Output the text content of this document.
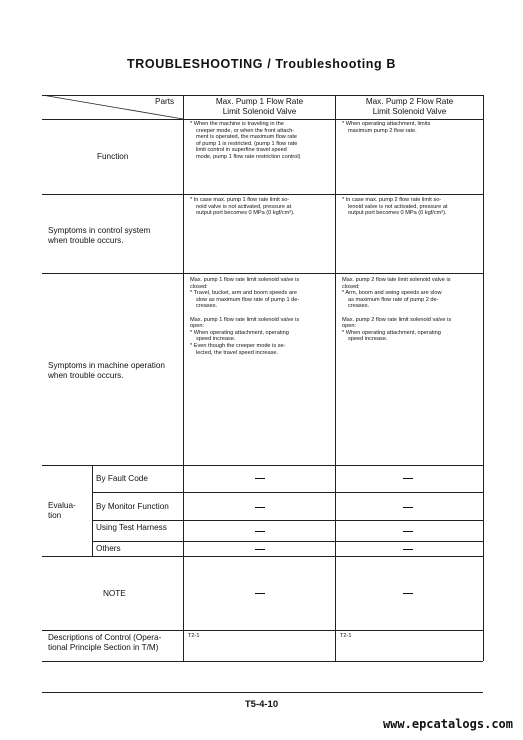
TROUBLESHOOTING / Troubleshooting B
Parts	Max. Pump 1 Flow Rate

Limit Solenoid Valve

Max. Pump 2 Flow Rate

Limit Solenoid Valve

Function

* When the machine is traveling in the

creeper mode, or when the front attach-

ment is operated, the maximum flow rate

of pump 1 is restricted. (pump 1 flow rate

limit control in superfine travel speed

mode, pump 1 flow rate restriction control)

* When operating attachment, limits

maximum pump 2 flow rate.

Symptoms in control system

when trouble occurs.

* In case max. pump 1 flow rate limit so-

noid valve is not activated, pressure at

output port becomes 0 MPa (0 kgf/cm²).

* In case max. pump 2 flow rate limit so-

lenoid valve is not activated, pressure at

output port becomes 0 MPa (0 kgf/cm²).

Symptoms in machine operation

when trouble occurs.

Max. pump 1 flow rate limit solenoid valve is

closed:

* Travel, bucket, arm and boom speeds are

slow as maximum flow rate of pump 1 de-

creases.

Max. pump 1 flow rate limit solenoid valve is

open:

* When operating attachment, operating

speed increase.

* Even though the creeper mode is se-

lected, the travel speed increase.

Max. pump 2 flow late limit solenoid valve is

closed:

* Arm, boom and swing speeds are slow

as maximum flow rate of pump 2 de-

creases.

Max. pump 2 flow rate limit solenoid valve is

open:

* When operating attachment, operating

speed increase.

Evalua-

tion

By Fault Code
By Monitor Function
Using Test Harness
Others
NOTE

Descriptions of Control (Opera-

tional Principle Section in T/M)

T2-1	T2-1
T5-4-10
www.epcatalogs.com
